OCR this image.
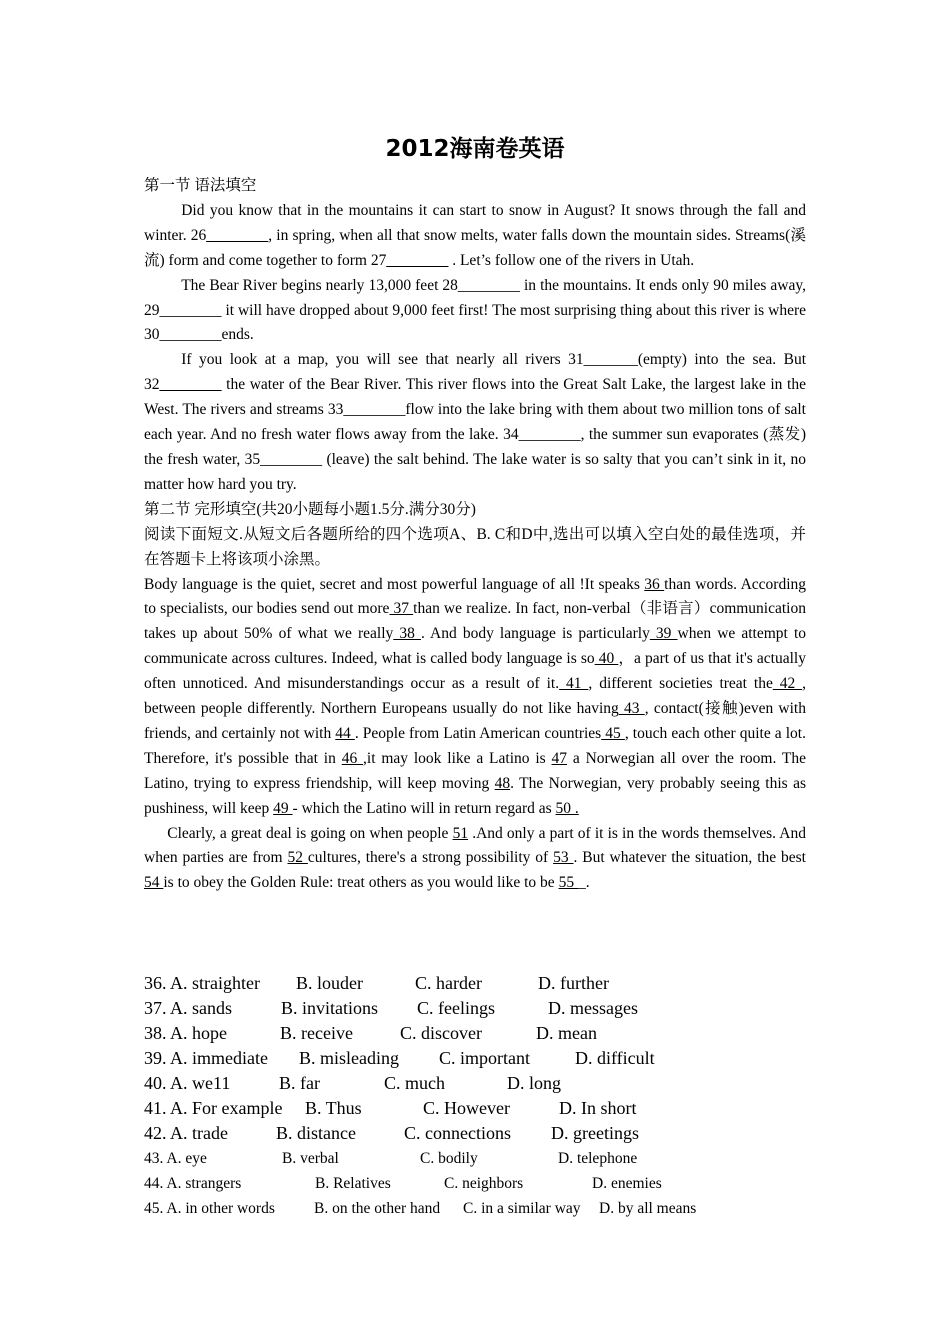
2012海南卷英语

第一节 语法填空

Did you know that in the mountains it can start to snow in August? It snows through the fall and winter. 26________, in spring, when all that snow melts, water falls down the mountain sides. Streams(溪流) form and come together to form 27________ . Let’s follow one of the rivers in Utah.

The Bear River begins nearly 13,000 feet 28________ in the mountains. It ends only 90 miles away, 29________ it will have dropped about 9,000 feet first! The most surprising thing about this river is where 30________ends.

If you look at a map, you will see that nearly all rivers 31_______(empty) into the sea. But 32________ the water of the Bear River. This river flows into the Great Salt Lake, the largest lake in the West. The rivers and streams 33________flow into the lake bring with them about two million tons of salt each year. And no fresh water flows away from the lake. 34________, the summer sun evaporates (蒸发) the fresh water, 35________ (leave) the salt behind. The lake water is so salty that you can’t sink in it, no matter how hard you try.

第二节 完形填空(共20小题每小题1.5分.满分30分)

阅读下面短文.从短文后各题所给的四个选项A、B. C和D中,选出可以填入空白处的最佳选项，并在答题卡上将该项小涂黑。

Body language is the quiet, secret and most powerful language of all !It speaks 36 than words. According to specialists, our bodies send out more 37 than we realize. In fact, non-verbal（非语言）communication takes up about 50% of what we really 38 . And body language is particularly 39 when we attempt to communicate across cultures. Indeed, what is called body language is so 40 ，a part of us that it's actually often unnoticed. And misunderstandings occur as a result of it. 41 , different societies treat the 42 , between people differently. Northern Europeans usually do not like having 43 , contact(接触)even with friends, and certainly not with 44 . People from Latin American countries 45 , touch each other quite a lot. Therefore, it's possible that in 46 ,it may look like a Latino is 47 a Norwegian all over the room. The Latino, trying to express friendship, will keep moving 48. The Norwegian, very probably seeing this as pushiness, will keep 49 - which the Latino will in return regard as 50 .

Clearly, a great deal is going on when people 51 .And only a part of it is in the words themselves. And when parties are from 52 cultures, there's a strong possibility of 53 . But whatever the situation, the best 54 is to obey the Golden Rule: treat others as you would like to be 55 _.

36. A. straighter B. louder	C. harder	D. further
37. A. sands	B. invitations C. feelings	D. messages
38. A. hope	B. receive	C. discover	D. mean
39. A. immediate B. misleading C. important	D. difficult
40. A. we11	B. far	C. much	D. long
41. A. For example B. Thus	C. However	D. In short
42. A. trade	B. distance	C. connections D. greetings
43. A. eye	B. verbal	C. bodily	D. telephone
44. A. strangers	B. Relatives	C. neighbors	D. enemies
45. A. in other words	B. on the other hand C. in a similar way D. by all means
